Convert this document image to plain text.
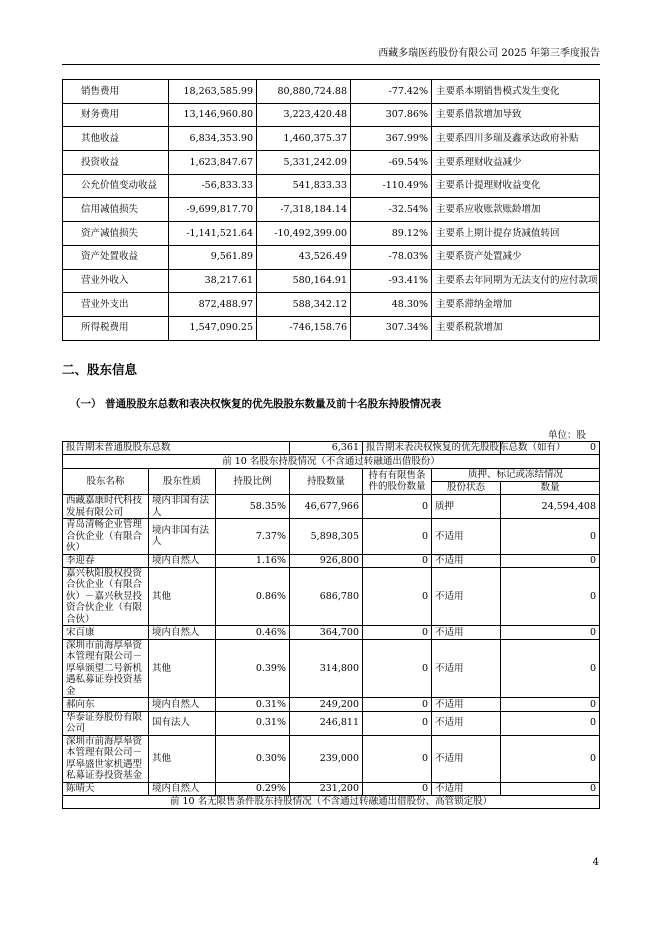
西藏多瑞医药股份有限公司 2025 年第三季度报告
销售费用	18,263,585.99	80,880,724.88	-77.42%	主要系本期销售模式发生变化
财务费用	13,146,960.80	3,223,420.48	307.86%	主要系借款增加导致
其他收益	6,834,353.90	1,460,375.37	367.99%	主要系四川多瑞及鑫承达政府补贴
投资收益	1,623,847.67	5,331,242.09	-69.54%	主要系理财收益减少
公允价值变动收益	-56,833.33	541,833.33	-110.49%	主要系计提理财收益变化
信用减值损失	-9,699,817.70	-7,318,184.14	-32.54%	主要系应收账款账龄增加
资产减值损失	-1,141,521.64	-10,492,399.00	89.12%	主要系上期计提存货减值转回
资产处置收益	9,561.89	43,526.49	-78.03%	主要系资产处置减少
营业外收入	38,217.61	580,164.91	-93.41%	主要系去年同期为无法支付的应付款项
营业外支出	872,488.97	588,342.12	48.30%	主要系滞纳金增加
所得税费用	1,547,090.25	-746,158.76	307.34%	主要系税款增加
二、股东信息
（一） 普通股股东总数和表决权恢复的优先股股东数量及前十名股东持股情况表
单位：股
报告期末普通股股东总数			6,361	报告期末表决权恢复的优先股股东总数（如有）		0
前 10 名股东持股情况（不含通过转融通出借股份）						
股东名称	股东性质	持股比例	持股数量	持有有限售条件的股份数量	质押、标记或冻结情况	
					股份状态	数量
西藏嘉康时代科技发展有限公司	境内非国有法人	58.35%	46,677,966	0	质押	24,594,408
青岛清畅企业管理合伙企业（有限合伙）	境内非国有法人	7.37%	5,898,305	0	不适用	0
李迎春	境内自然人	1.16%	926,800	0	不适用	0
嘉兴秋阳股权投资合伙企业（有限合伙）－嘉兴秋昱投资合伙企业（有限合伙）	其他	0.86%	686,780	0	不适用	0
宋百康	境内自然人	0.46%	364,700	0	不适用	0
深圳市前海厚皋资本管理有限公司－厚皋颁望二号新机遇私募证券投资基金	其他	0.39%	314,800	0	不适用	0
郝向东	境内自然人	0.31%	249,200	0	不适用	0
华泰证券股份有限公司	国有法人	0.31%	246,811	0	不适用	0
深圳市前海厚皋资本管理有限公司－厚皋盛世家机遇型私募证券投资基金	其他	0.30%	239,000	0	不适用	0
陈晴天	境内自然人	0.29%	231,200	0	不适用	0
前 10 名无限售条件股东持股情况（不含通过转融通出借股份、高管锁定股）						
4
